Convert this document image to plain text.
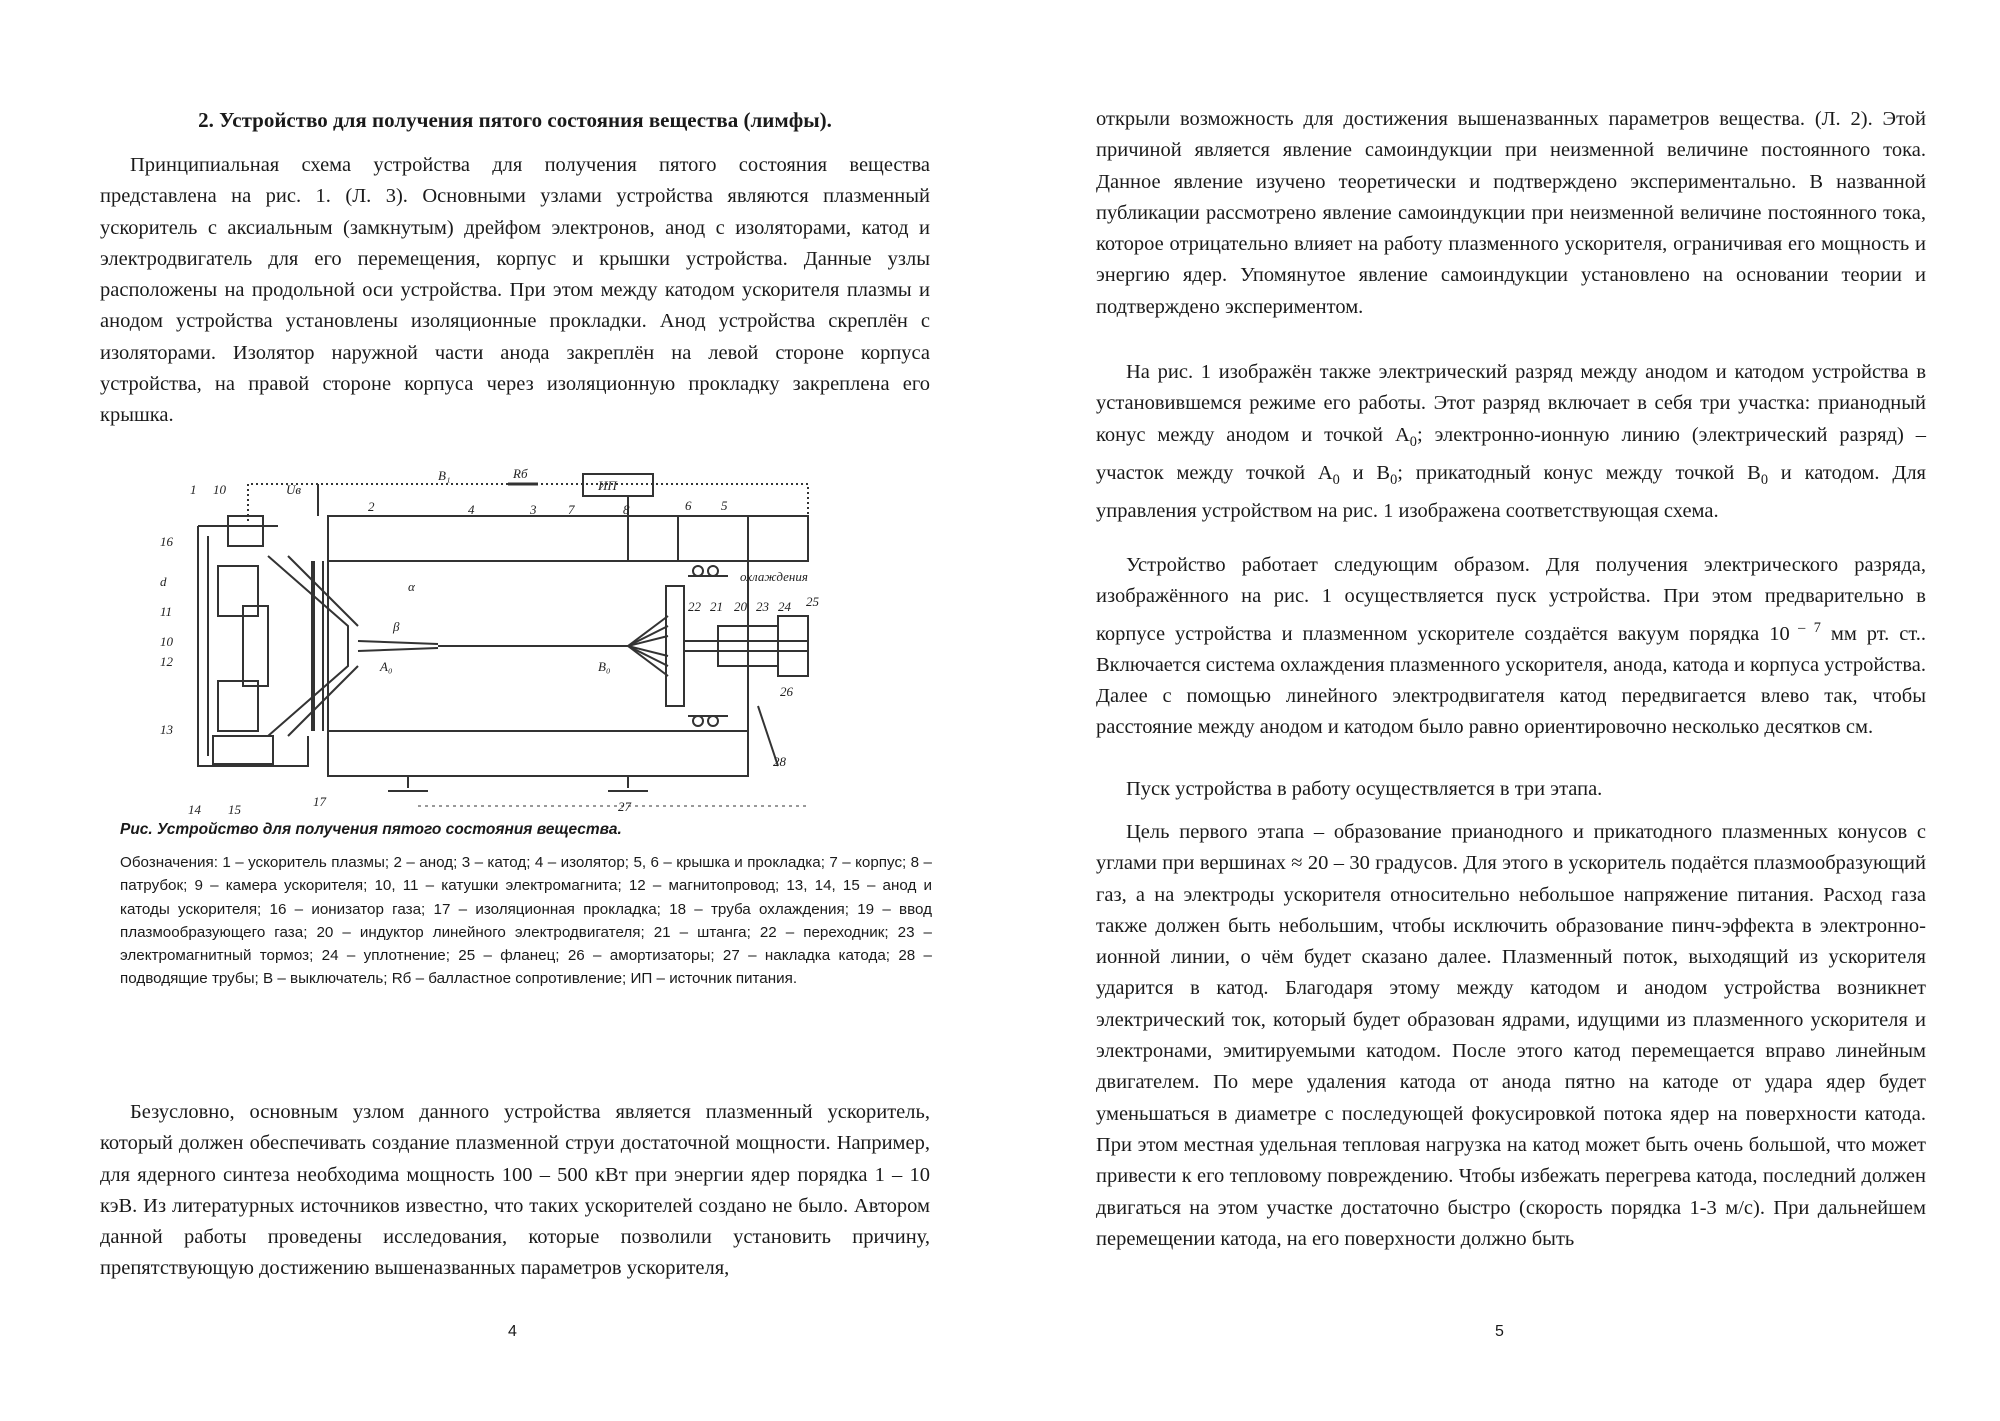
2. Устройство для получения пятого состояния вещества (лимфы).

Принципиальная схема устройства для получения пятого состояния вещества представлена на рис. 1. (Л. 3). Основными узлами устройства являются плазменный ускоритель с аксиальным (замкнутым) дрейфом электронов, анод с изоляторами, катод и электродвигатель для его перемещения, корпус и крышки устройства. Данные узлы расположены на продольной оси устройства. При этом между катодом ускорителя плазмы и анодом устройства установлены изоляционные прокладки. Анод устройства скреплён с изоляторами. Изолятор наружной части анода закреплён на левой стороне корпуса устройства, на правой стороне корпуса через изоляционную прокладку закреплена его крышка.

1 10	Uв
B₁	Rб
ИП
16
d
11
10
12
13
14 15
17
2	4	3 7	8	6 5
охлаждения
22 21 20 23 24 25
26
27
28
A₀	B₀
α
β
Рис. Устройство для получения пятого состояния вещества.

Обозначения: 1 – ускоритель плазмы; 2 – анод; 3 – катод; 4 – изолятор; 5, 6 – крышка и прокладка; 7 – корпус; 8 – патрубок; 9 – камера ускорителя; 10, 11 – катушки электромагнита; 12 – магнитопровод; 13, 14, 15 – анод и катоды ускорителя; 16 – ионизатор газа; 17 – изоляционная прокладка; 18 – труба охлаждения; 19 – ввод плазмообразующего газа; 20 – индуктор линейного электродвигателя; 21 – штанга; 22 – переходник; 23 – электромагнитный тормоз; 24 – уплотнение; 25 – фланец; 26 – амортизаторы; 27 – накладка катода; 28 – подводящие трубы; В – выключатель; Rб – балластное сопротивление; ИП – источник питания.

Безусловно, основным узлом данного устройства является плазменный ускоритель, который должен обеспечивать создание плазменной струи достаточной мощности. Например, для ядерного синтеза необходима мощность 100 – 500 кВт при энергии ядер порядка 1 – 10 кэВ. Из литературных источников известно, что таких ускорителей создано не было. Автором данной работы проведены исследования, которые позволили установить причину, препятствующую достижению вышеназванных параметров ускорителя,

4

открыли возможность для достижения вышеназванных параметров вещества. (Л. 2). Этой причиной является явление самоиндукции при неизменной величине постоянного тока. Данное явление изучено теоретически и подтверждено экспериментально. В названной публикации рассмотрено явление самоиндукции при неизменной величине постоянного тока, которое отрицательно влияет на работу плазменного ускорителя, ограничивая его мощность и энергию ядер. Упомянутое явление самоиндукции установлено на основании теории и подтверждено экспериментом.

На рис. 1 изображён также электрический разряд между анодом и катодом устройства в установившемся режиме его работы. Этот разряд включает в себя три участка: прианодный конус между анодом и точкой $A_0$; электронно-ионную линию (электрический разряд) – участок между точкой $A_0$ и $B_0$; прикатодный конус между точкой $B_0$ и катодом. Для управления устройством на рис. 1 изображена соответствующая схема.

Устройство работает следующим образом. Для получения электрического разряда, изображённого на рис. 1 осуществляется пуск устройства. При этом предварительно в корпусе устройства и плазменном ускорителе создаётся вакуум порядка 10 $^{- 7}$ мм рт. ст.. Включается система охлаждения плазменного ускорителя, анода, катода и корпуса устройства. Далее с помощью линейного электродвигателя катод передвигается влево так, чтобы расстояние между анодом и катодом было равно ориентировочно несколько десятков см.

Пуск устройства в работу осуществляется в три этапа.

Цель первого этапа – образование прианодного и прикатодного плазменных конусов с углами при вершинах ≈ 20 – 30 градусов. Для этого в ускоритель подаётся плазмообразующий газ, а на электроды ускорителя относительно небольшое напряжение питания. Расход газа также должен быть небольшим, чтобы исключить образование пинч-эффекта в электронно-ионной линии, о чём будет сказано далее. Плазменный поток, выходящий из ускорителя ударится в катод. Благодаря этому между катодом и анодом устройства возникнет электрический ток, который будет образован ядрами, идущими из плазменного ускорителя и электронами, эмитируемыми катодом. После этого катод перемещается вправо линейным двигателем. По мере удаления катода от анода пятно на катоде от удара ядер будет уменьшаться в диаметре с последующей фокусировкой потока ядер на поверхности катода. При этом местная удельная тепловая нагрузка на катод может быть очень большой, что может привести к его тепловому повреждению. Чтобы избежать перегрева катода, последний должен двигаться на этом участке достаточно быстро (скорость порядка 1-3 м/с). При дальнейшем перемещении катода, на его поверхности должно быть

5
